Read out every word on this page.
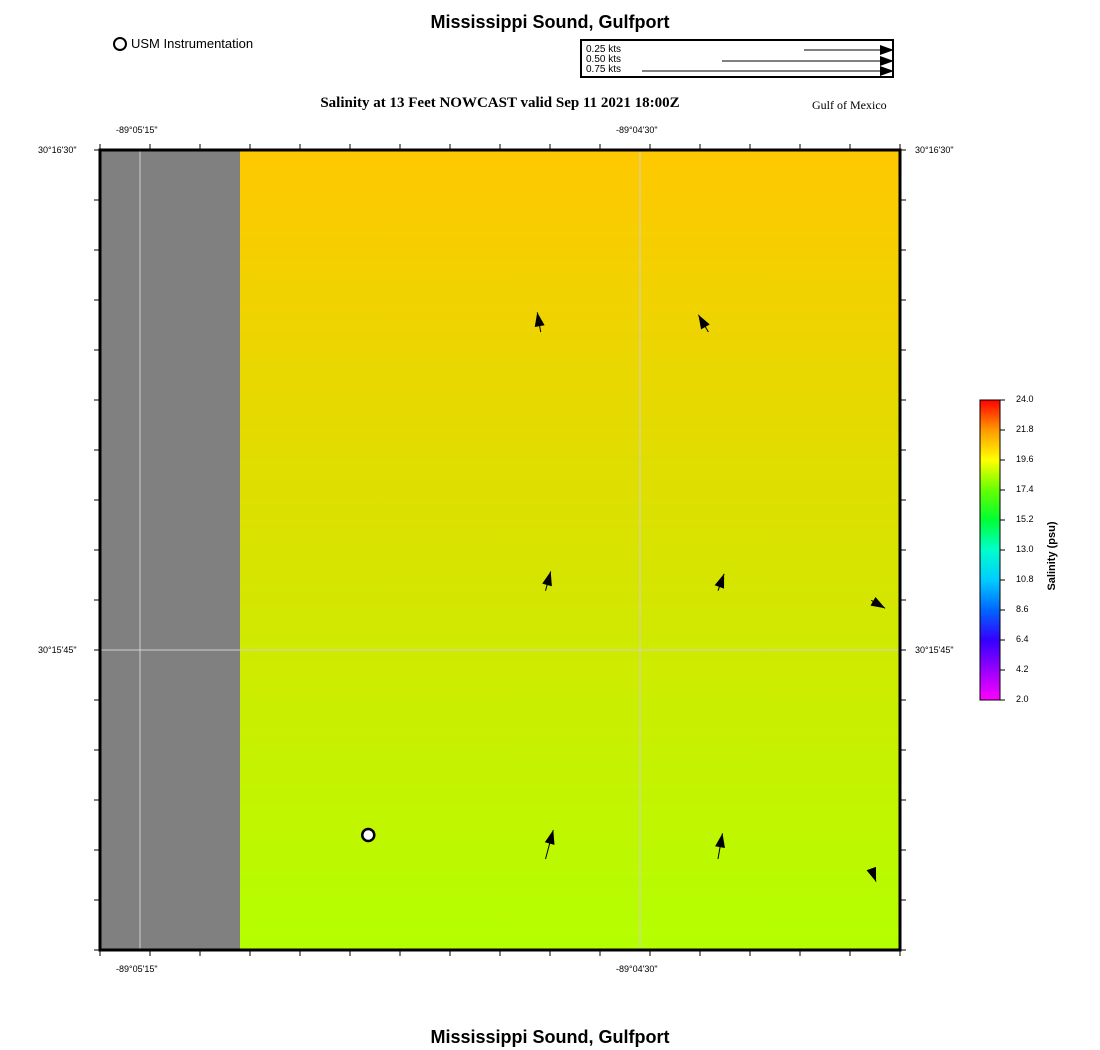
Mississippi Sound, Gulfport
USM Instrumentation	0.25 kts
0.50 kts
0.75 kts
Salinity at 13 Feet NOWCAST valid Sep 11 2021 18:00Z	Gulf of Mexico
-89°05'15"	-89°04'30"
-89°05'15"	-89°04'30"
30°16'30"
30°15'45"
30°16'30"
30°15'45"
24.0
21.8
19.6
17.4
15.2
13.0
10.8
8.6
6.4
4.2
2.0
Salinity (psu)
Mississippi Sound, Gulfport
